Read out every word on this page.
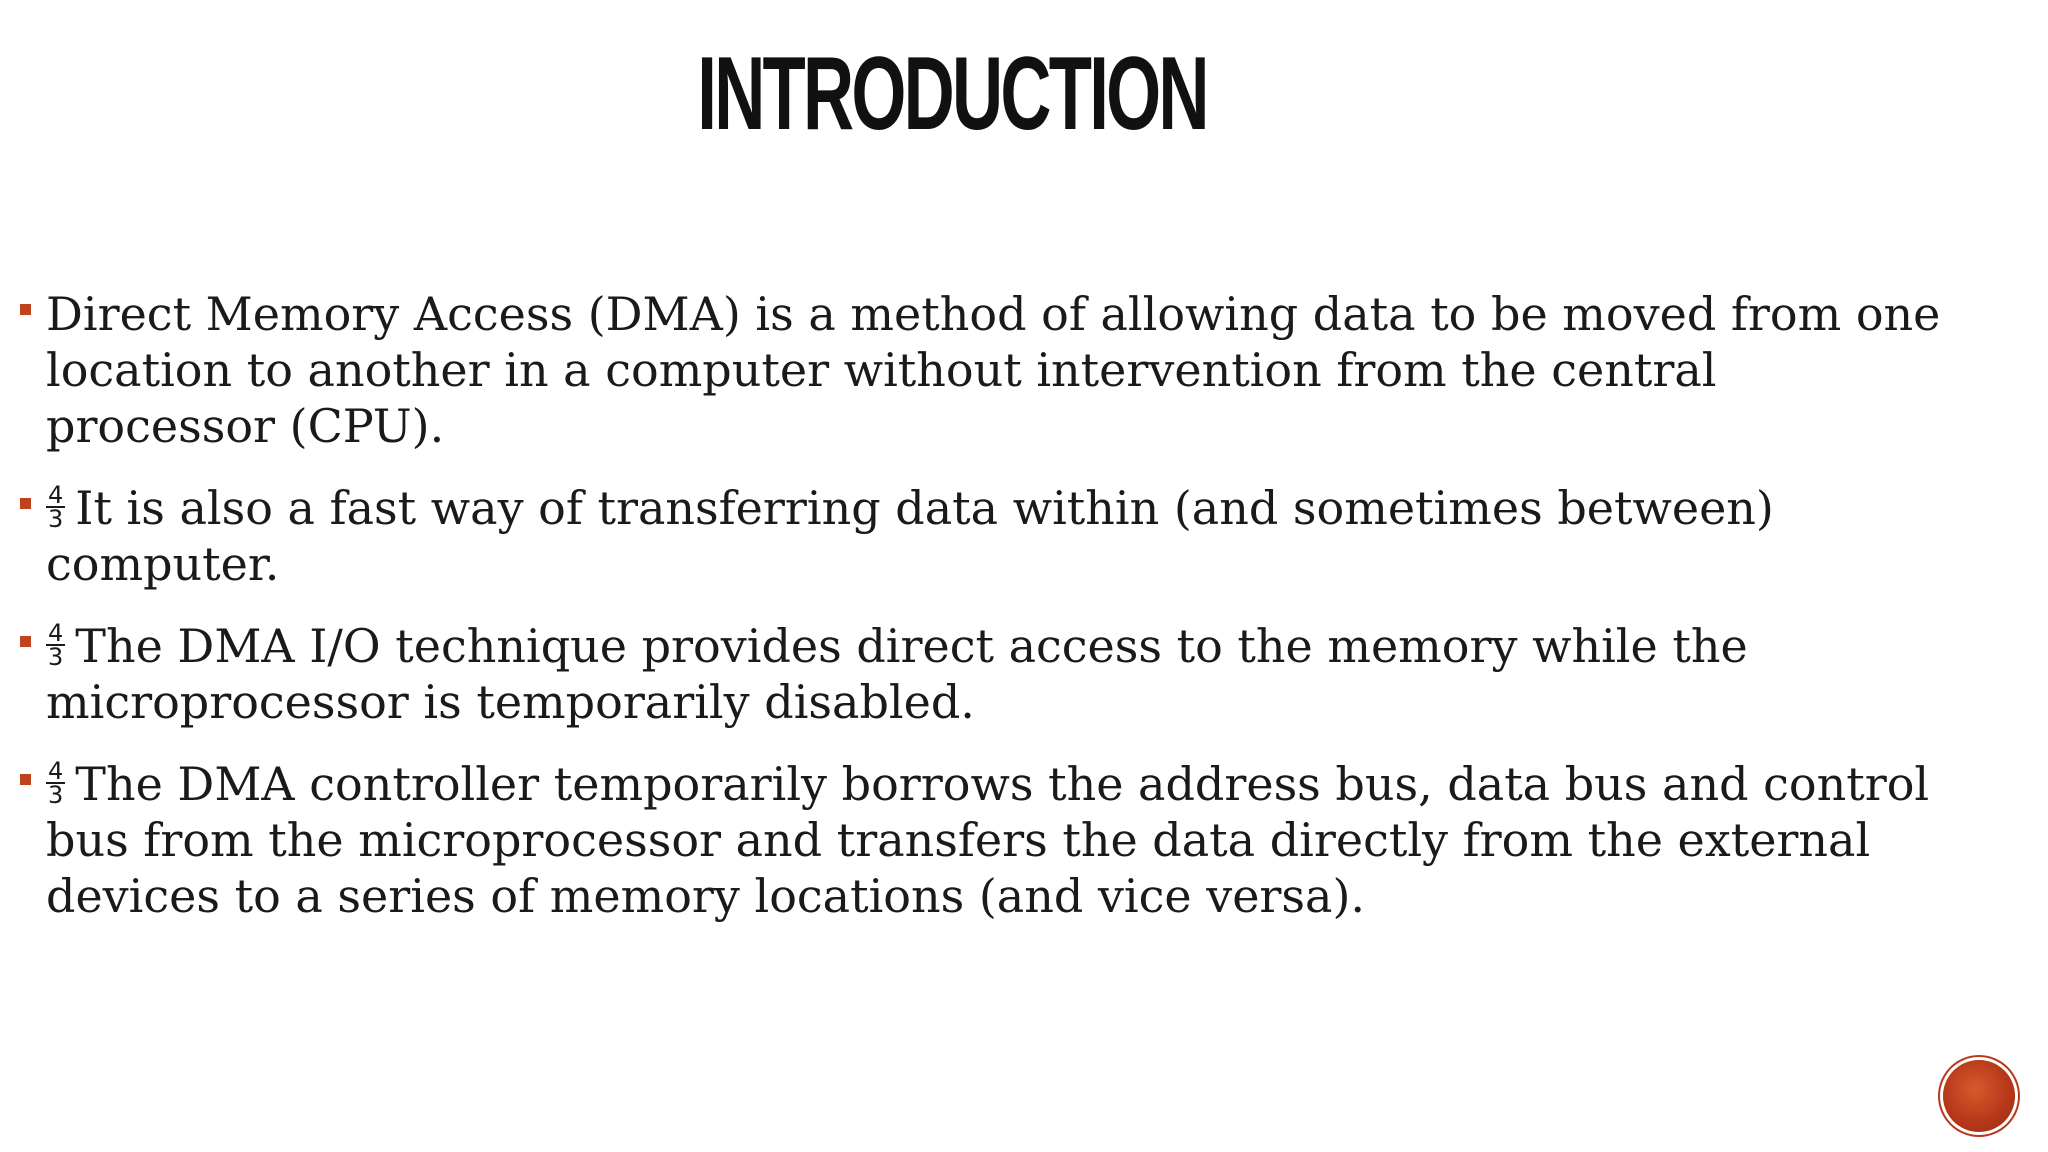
INTRODUCTION
Direct Memory Access (DMA) is a method of allowing data to be moved from one location to another in a computer without intervention from the central processor (CPU).
$\frac{4}{3}$ It is also a fast way of transferring data within (and sometimes between) computer.
$\frac{4}{3}$ The DMA I/O technique provides direct access to the memory while the microprocessor is temporarily disabled.
$\frac{4}{3}$ The DMA controller temporarily borrows the address bus, data bus and control bus from the microprocessor and transfers the data directly from the external devices to a series of memory locations (and vice versa).
